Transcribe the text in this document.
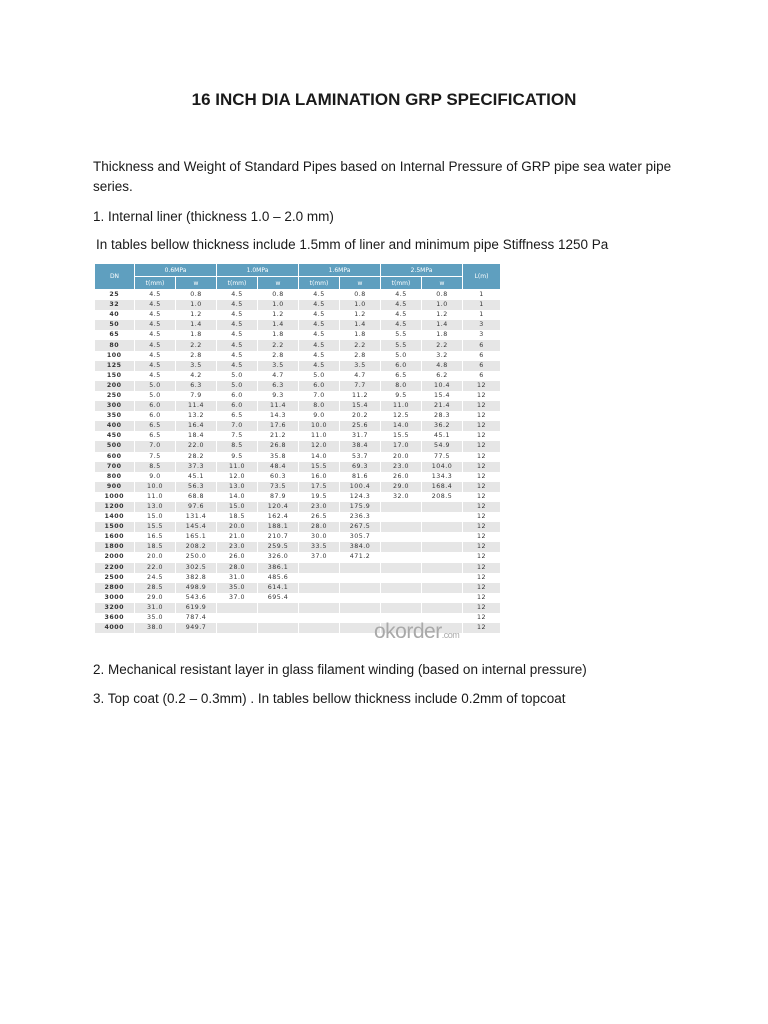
16 INCH DIA LAMINATION GRP SPECIFICATION
Thickness and Weight of Standard Pipes based on Internal Pressure of GRP pipe sea water pipe series.
1. Internal liner (thickness 1.0 – 2.0 mm)
In tables bellow thickness include 1.5mm of liner and minimum pipe Stiffness 1250 Pa
DN	0.6MPa		1.0MPa		1.6MPa		2.5MPa		L(m)
	t(mm)	w	t(mm)	w	t(mm)	w	t(mm)	w	
25	4.5	0.8	4.5	0.8	4.5	0.8	4.5	0.8	1
32	4.5	1.0	4.5	1.0	4.5	1.0	4.5	1.0	1
40	4.5	1.2	4.5	1.2	4.5	1.2	4.5	1.2	1
50	4.5	1.4	4.5	1.4	4.5	1.4	4.5	1.4	3
65	4.5	1.8	4.5	1.8	4.5	1.8	5.5	1.8	3
80	4.5	2.2	4.5	2.2	4.5	2.2	5.5	2.2	6
100	4.5	2.8	4.5	2.8	4.5	2.8	5.0	3.2	6
125	4.5	3.5	4.5	3.5	4.5	3.5	6.0	4.8	6
150	4.5	4.2	5.0	4.7	5.0	4.7	6.5	6.2	6
200	5.0	6.3	5.0	6.3	6.0	7.7	8.0	10.4	12
250	5.0	7.9	6.0	9.3	7.0	11.2	9.5	15.4	12
300	6.0	11.4	6.0	11.4	8.0	15.4	11.0	21.4	12
350	6.0	13.2	6.5	14.3	9.0	20.2	12.5	28.3	12
400	6.5	16.4	7.0	17.6	10.0	25.6	14.0	36.2	12
450	6.5	18.4	7.5	21.2	11.0	31.7	15.5	45.1	12
500	7.0	22.0	8.5	26.8	12.0	38.4	17.0	54.9	12
600	7.5	28.2	9.5	35.8	14.0	53.7	20.0	77.5	12
700	8.5	37.3	11.0	48.4	15.5	69.3	23.0	104.0	12
800	9.0	45.1	12.0	60.3	16.0	81.6	26.0	134.3	12
900	10.0	56.3	13.0	73.5	17.5	100.4	29.0	168.4	12
1000	11.0	68.8	14.0	87.9	19.5	124.3	32.0	208.5	12
1200	13.0	97.6	15.0	120.4	23.0	175.9			12
1400	15.0	131.4	18.5	162.4	26.5	236.3			12
1500	15.5	145.4	20.0	188.1	28.0	267.5			12
1600	16.5	165.1	21.0	210.7	30.0	305.7			12
1800	18.5	208.2	23.0	259.5	33.5	384.0			12
2000	20.0	250.0	26.0	326.0	37.0	471.2			12
2200	22.0	302.5	28.0	386.1					12
2500	24.5	382.8	31.0	485.6					12
2800	28.5	498.9	35.0	614.1					12
3000	29.0	543.6	37.0	695.4					12
3200	31.0	619.9							12
3600	35.0	787.4							12
4000	38.0	949.7							12
okorder.com
2. Mechanical resistant layer in glass filament winding (based on internal pressure)
3. Top coat (0.2 – 0.3mm) . In tables bellow thickness include 0.2mm of topcoat
